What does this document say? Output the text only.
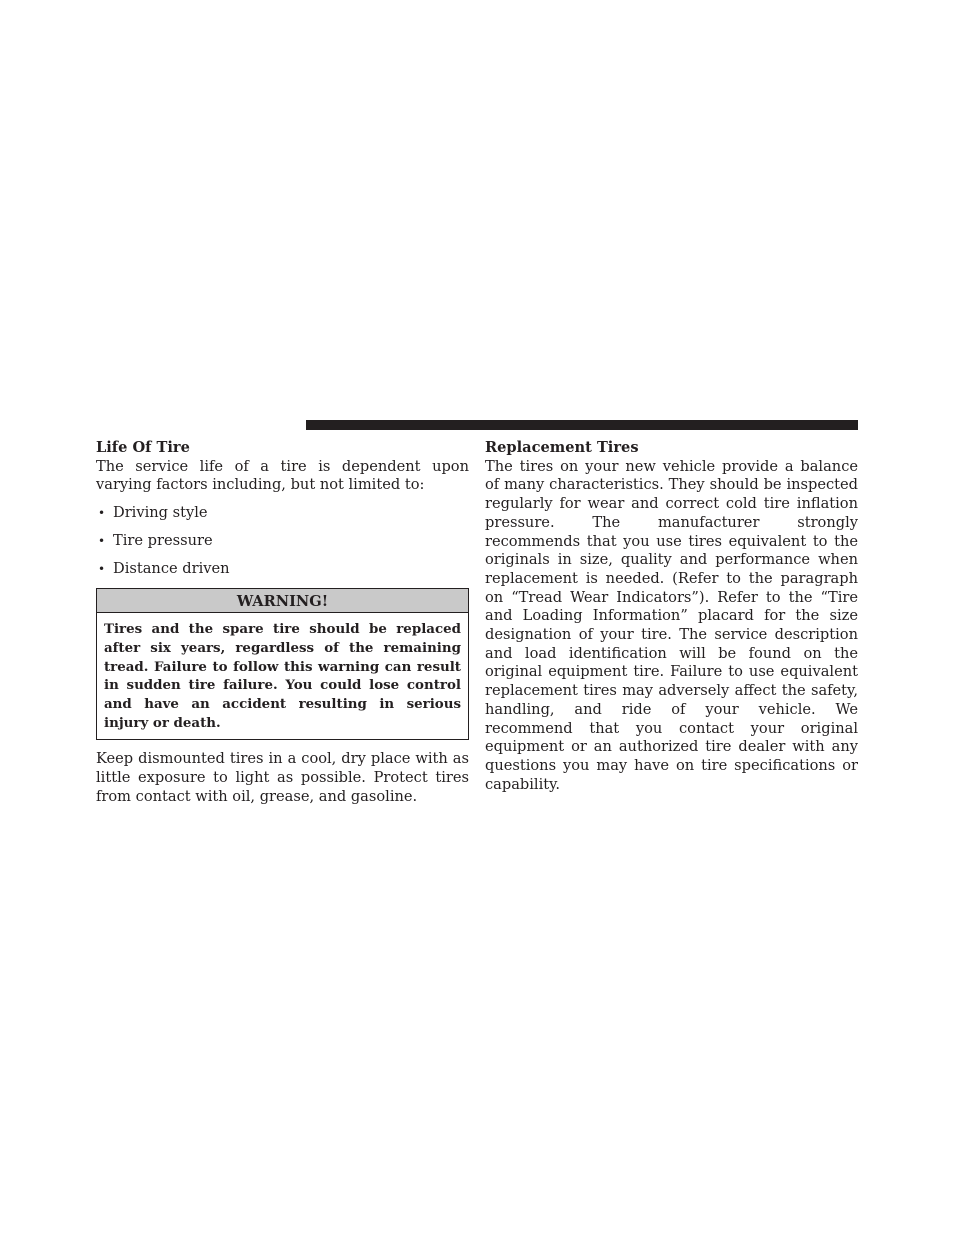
Life Of Tire

The service life of a tire is dependent upon varying factors including, but not limited to:

• Driving style
• Tire pressure
• Distance driven
WARNING!
Tires and the spare tire should be replaced after six years, regardless of the remaining tread. Failure to follow this warning can result in sudden tire failure. You could lose control and have an accident resulting in serious injury or death.

Keep dismounted tires in a cool, dry place with as little exposure to light as possible. Protect tires from contact with oil, grease, and gasoline.

Replacement Tires

The tires on your new vehicle provide a balance of many characteristics. They should be inspected regularly for wear and correct cold tire inflation pressure. The manufacturer strongly recommends that you use tires equivalent to the originals in size, quality and performance when replacement is needed. (Refer to the paragraph on “Tread Wear Indicators”). Refer to the “Tire and Loading Information” placard for the size designation of your tire. The service description and load identification will be found on the original equipment tire. Failure to use equivalent replacement tires may adversely affect the safety, handling, and ride of your vehicle. We recommend that you contact your original equipment or an authorized tire dealer with any questions you may have on tire specifications or capability.
